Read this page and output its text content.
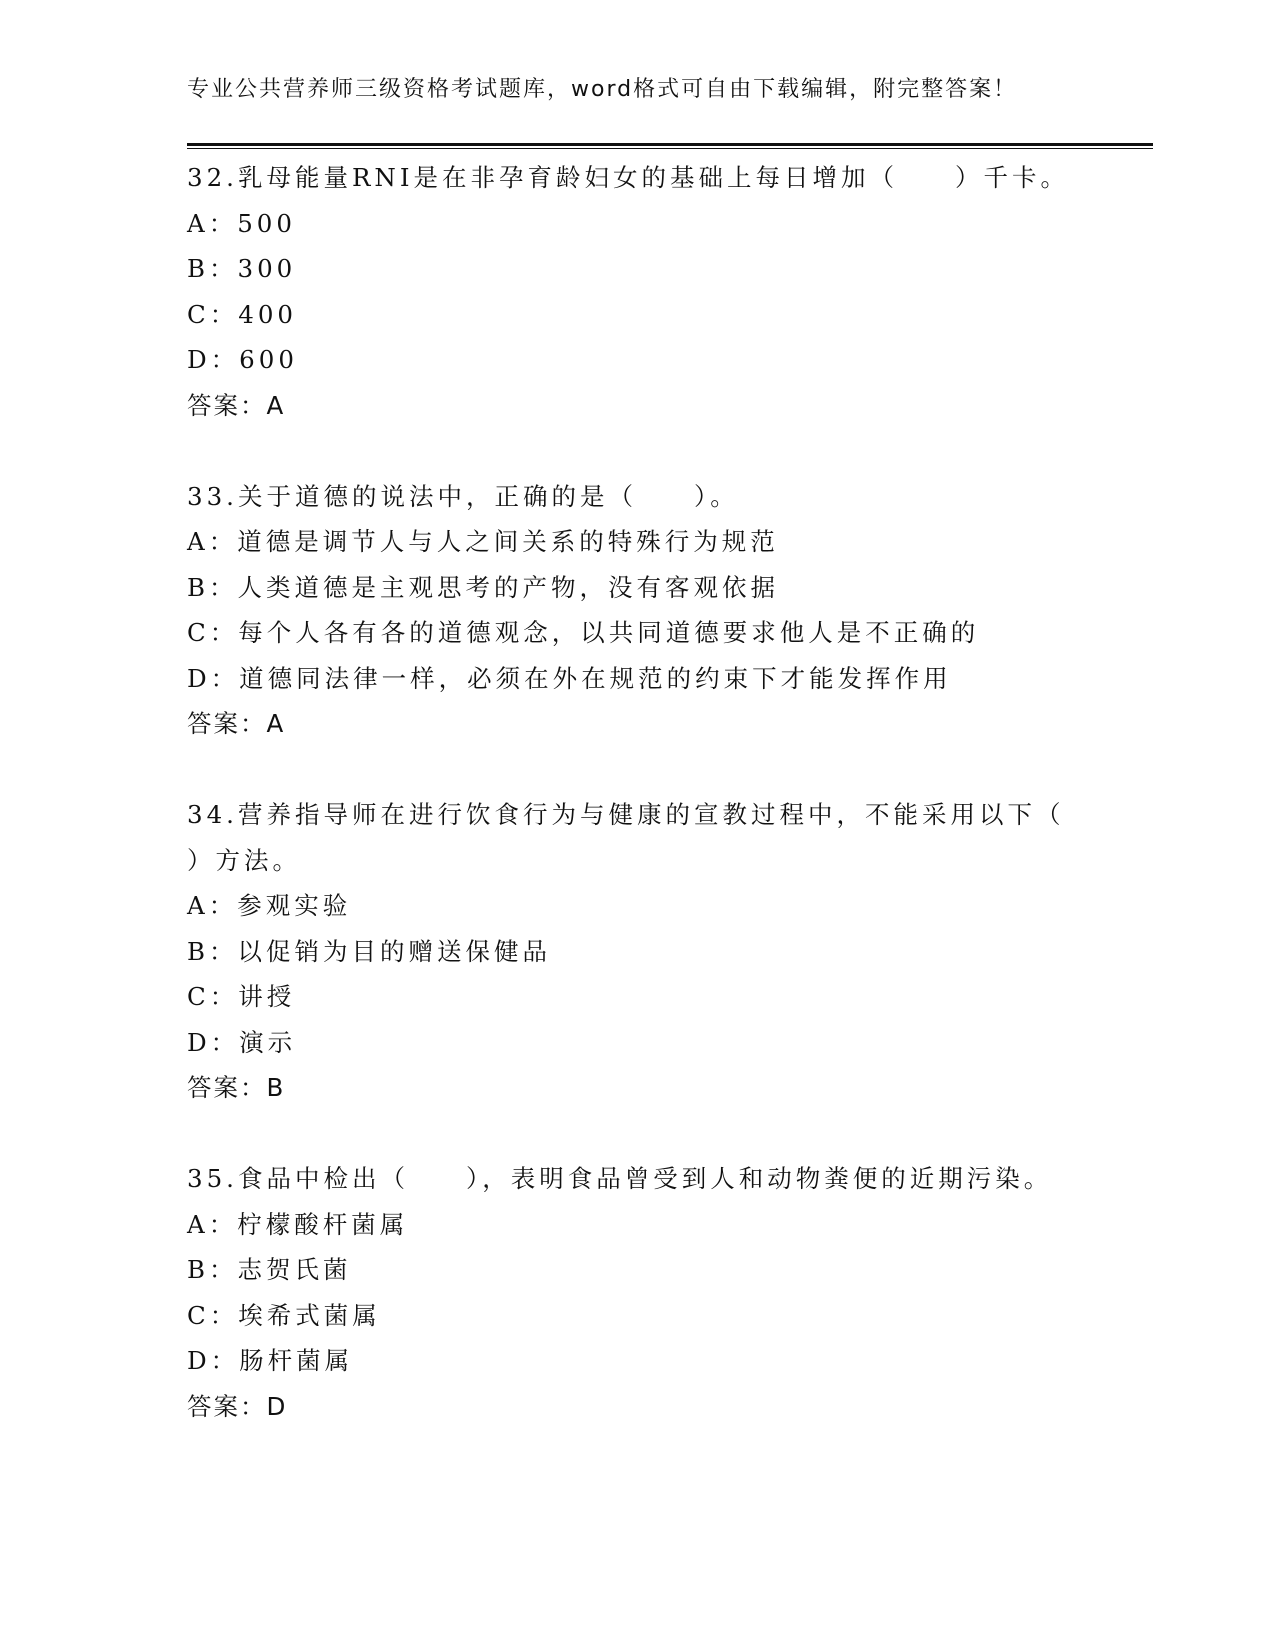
专业公共营养师三级资格考试题库，word格式可自由下载编辑，附完整答案！
32.乳母能量RNI是在非孕育龄妇女的基础上每日增加（　　）千卡。
A：500
B：300
C：400
D：600
答案：A
33.关于道德的说法中，正确的是（　　）。
A：道德是调节人与人之间关系的特殊行为规范
B：人类道德是主观思考的产物，没有客观依据
C：每个人各有各的道德观念，以共同道德要求他人是不正确的
D：道德同法律一样，必须在外在规范的约束下才能发挥作用
答案：A
34.营养指导师在进行饮食行为与健康的宣教过程中，不能采用以下（
）方法。
A：参观实验
B：以促销为目的赠送保健品
C：讲授
D：演示
答案：B
35.食品中检出（　　），表明食品曾受到人和动物粪便的近期污染。
A：柠檬酸杆菌属
B：志贺氏菌
C：埃希式菌属
D：肠杆菌属
答案：D
